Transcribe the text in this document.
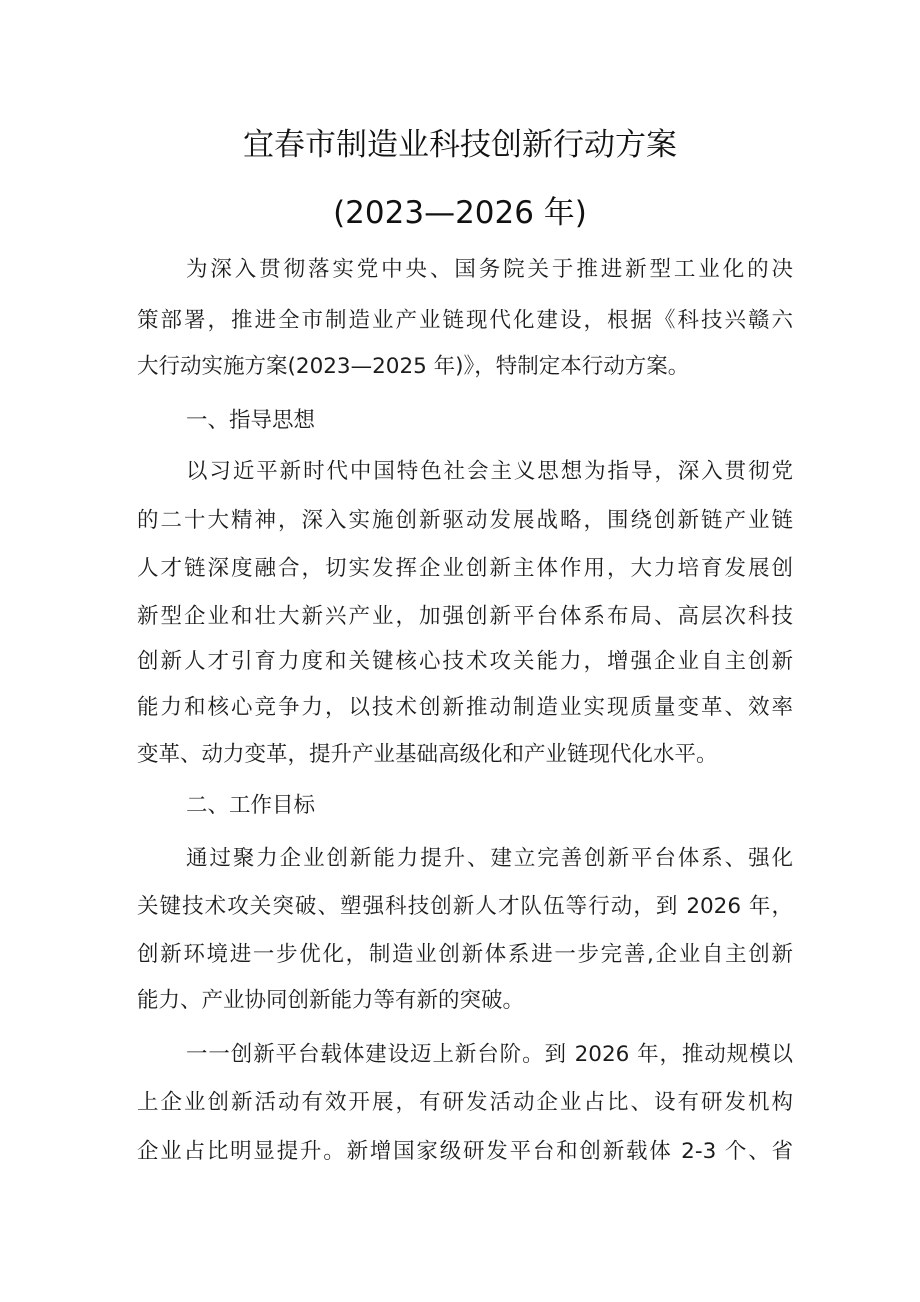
宜春市制造业科技创新行动方案
(2023—2026 年)
为深入贯彻落实党中央、国务院关于推进新型工业化的决
策部署，推进全市制造业产业链现代化建设，根据《科技兴赣六
大行动实施方案(2023—2025 年)》，特制定本行动方案。
一、指导思想
以习近平新时代中国特色社会主义思想为指导，深入贯彻党
的二十大精神，深入实施创新驱动发展战略，围绕创新链产业链
人才链深度融合，切实发挥企业创新主体作用，大力培育发展创
新型企业和壮大新兴产业，加强创新平台体系布局、高层次科技
创新人才引育力度和关键核心技术攻关能力，增强企业自主创新
能力和核心竞争力，以技术创新推动制造业实现质量变革、效率
变革、动力变革，提升产业基础高级化和产业链现代化水平。
二、工作目标
通过聚力企业创新能力提升、建立完善创新平台体系、强化
关键技术攻关突破、塑强科技创新人才队伍等行动，到 2026 年，
创新环境进一步优化，制造业创新体系进一步完善,企业自主创新
能力、产业协同创新能力等有新的突破。
一一创新平台载体建设迈上新台阶。到 2026 年，推动规模以
上企业创新活动有效开展，有研发活动企业占比、设有研发机构
企业占比明显提升。新增国家级研发平台和创新载体 2-3 个、省
